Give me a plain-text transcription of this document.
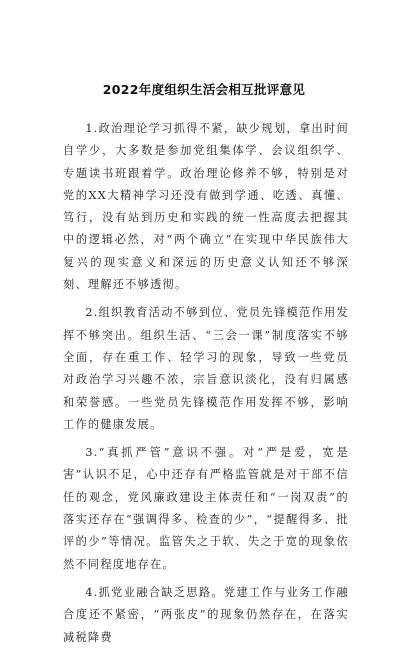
2022年度组织生活会相互批评意见

1.政治理论学习抓得不紧，缺少规划，拿出时间自学少，大多数是参加党组集体学、会议组织学、专题读书班跟着学。政治理论修养不够，特别是对党的XX大精神学习还没有做到学通、吃透、真懂、笃行，没有站到历史和实践的统一性高度去把握其中的逻辑必然，对“两个确立”在实现中华民族伟大复兴的现实意义和深远的历史意义认知还不够深刻、理解还不够透彻。

2.组织教育活动不够到位、党员先锋模范作用发挥不够突出。组织生活、“三会一课”制度落实不够全面，存在重工作、轻学习的现象，导致一些党员对政治学习兴趣不浓，宗旨意识淡化，没有归属感和荣誉感。一些党员先锋模范作用发挥不够，影响工作的健康发展。

3.“真抓严管”意识不强。对“严是爱，宽是害”认识不足，心中还存有严格监管就是对干部不信任的观念，党风廉政建设主体责任和“一岗双责”的落实还存在“强调得多、检查的少”，“提醒得多、批评的少”等情况。监管失之于软、失之于宽的现象依然不同程度地存在。

4.抓党业融合缺乏思路。党建工作与业务工作融合度还不紧密，“两张皮”的现象仍然存在，在落实减税降费
